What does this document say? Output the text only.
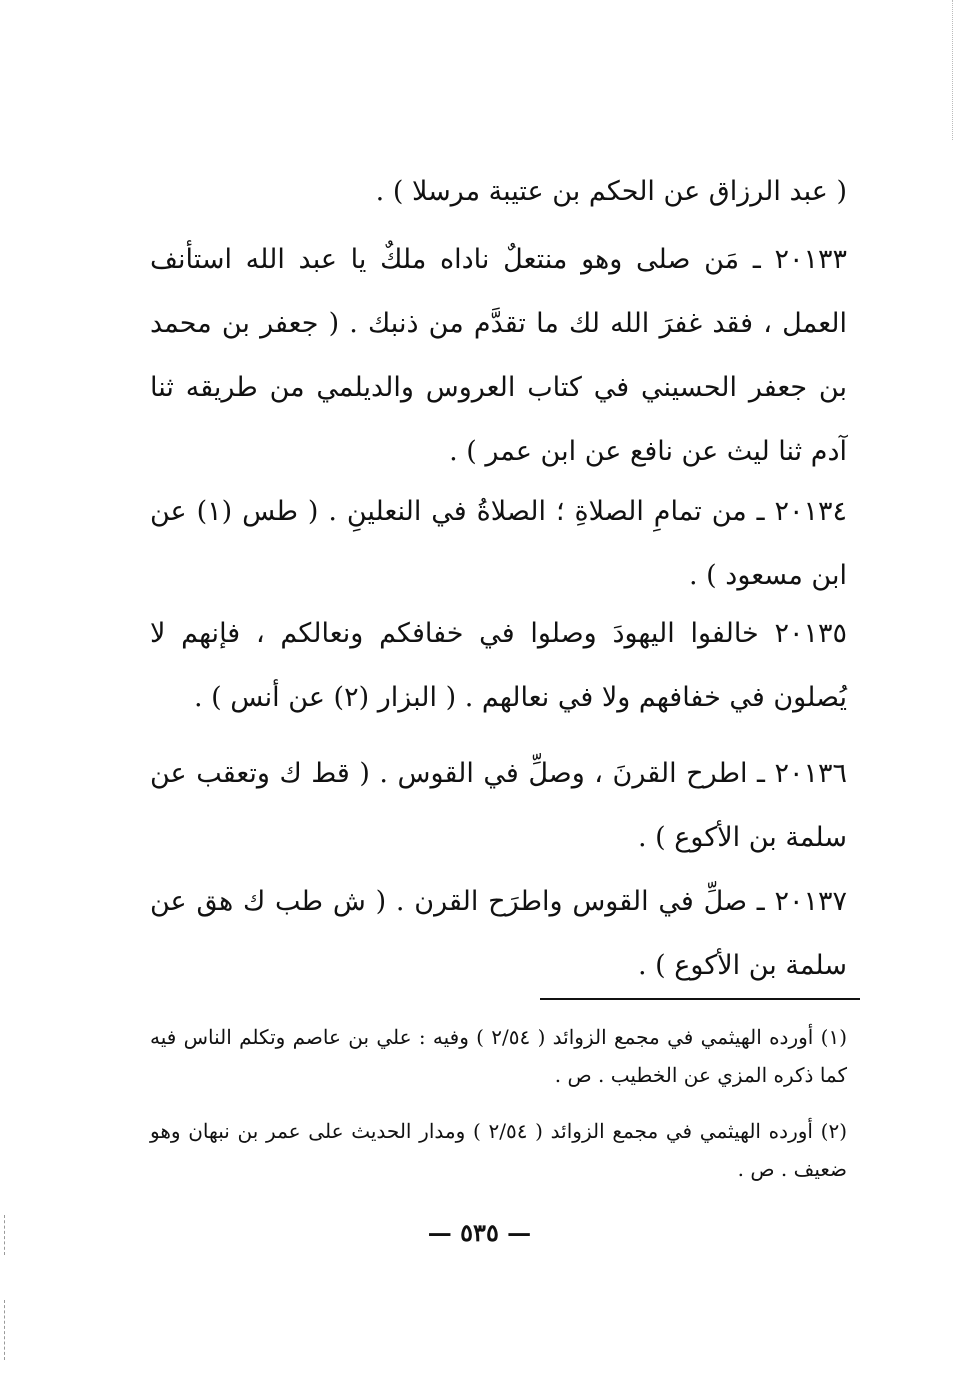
( عبد الرزاق عن الحكم بن عتيبة مرسلا ) .

٢٠١٣٣ ـ مَن صلى وهو منتعلٌ ناداه ملكٌ يا عبد الله استأنف العمل ، فقد غفرَ الله لك ما تقدَّم من ذنبك . ( جعفر بن محمد بن جعفر الحسيني في كتاب العروس والديلمي من طريقه ثنا آدم ثنا ليث عن نافع عن ابن عمر ) .

٢٠١٣٤ ـ من تمامِ الصلاةِ ؛ الصلاةُ في النعلينِ . ( طس (١) عن ابن مسعود ) .

٢٠١٣٥ خالفوا اليهودَ وصلوا في خفافكم ونعالكم ، فإنهم لا يُصلون في خفافهم ولا في نعالهم . ( البزار (٢) عن أنس ) .

٢٠١٣٦ ـ اطرح القرنَ ، وصلِّ في القوس . ( قط ك وتعقب عن سلمة بن الأكوع ) .

٢٠١٣٧ ـ صلِّ في القوس واطرَح القرن . ( ش طب ك هق عن سلمة بن الأكوع ) .

(١) أورده الهيثمي في مجمع الزوائد ( ٢/٥٤ ) وفيه : علي بن عاصم وتكلم الناس فيه كما ذكره المزي عن الخطيب . ص .

(٢) أورده الهيثمي في مجمع الزوائد ( ٢/٥٤ ) ومدار الحديث على عمر بن نبهان وهو ضعيف . ص .

— ٥٣٥ —
